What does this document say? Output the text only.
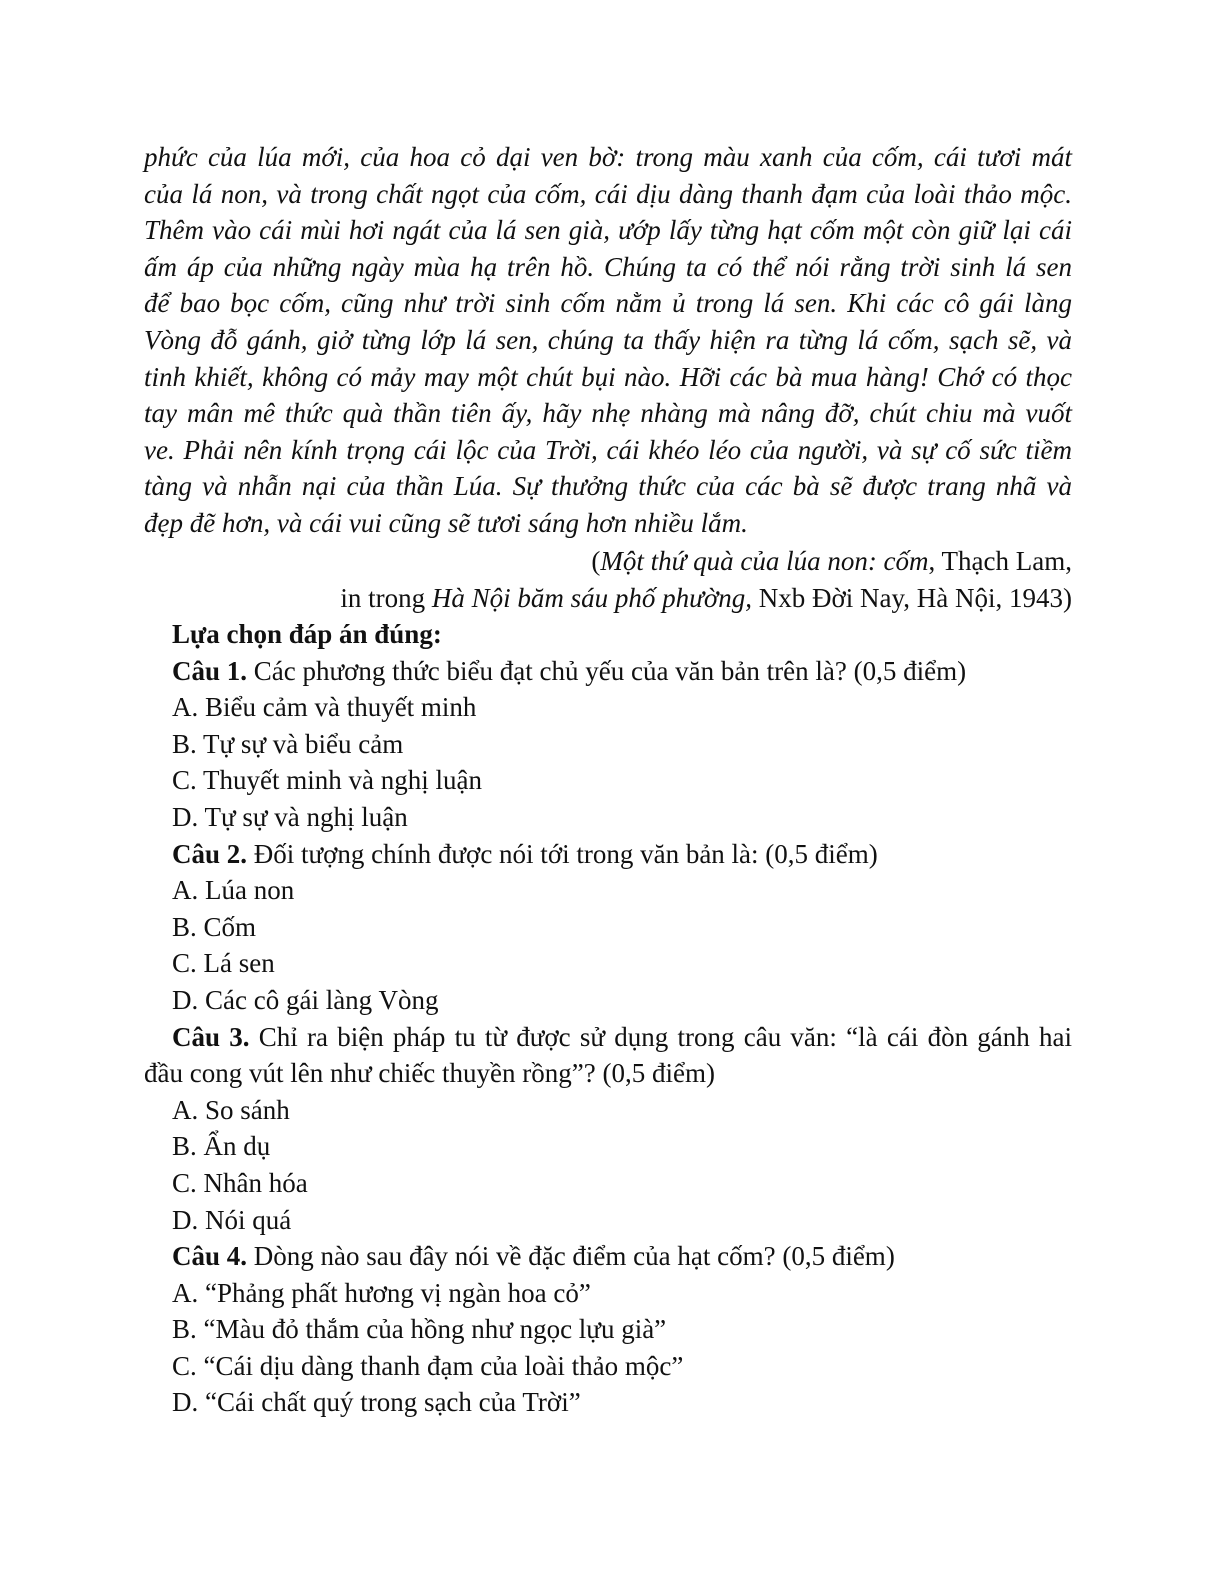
phức của lúa mới, của hoa cỏ dại ven bờ: trong màu xanh của cốm, cái tươi mát
của lá non, và trong chất ngọt của cốm, cái dịu dàng thanh đạm của loài thảo mộc.
Thêm vào cái mùi hơi ngát của lá sen già, ướp lấy từng hạt cốm một còn giữ lại cái
ấm áp của những ngày mùa hạ trên hồ. Chúng ta có thể nói rằng trời sinh lá sen
để bao bọc cốm, cũng như trời sinh cốm nằm ủ trong lá sen. Khi các cô gái làng
Vòng đỗ gánh, giở từng lớp lá sen, chúng ta thấy hiện ra từng lá cốm, sạch sẽ, và
tinh khiết, không có mảy may một chút bụi nào. Hỡi các bà mua hàng! Chớ có thọc
tay mân mê thức quà thần tiên ấy, hãy nhẹ nhàng mà nâng đỡ, chút chiu mà vuốt
ve. Phải nên kính trọng cái lộc của Trời, cái khéo léo của người, và sự cố sức tiềm
tàng và nhẫn nại của thần Lúa. Sự thưởng thức của các bà sẽ được trang nhã và
đẹp đẽ hơn, và cái vui cũng sẽ tươi sáng hơn nhiều lắm.
(Một thứ quà của lúa non: cốm, Thạch Lam,
in trong Hà Nội băm sáu phố phường, Nxb Đời Nay, Hà Nội, 1943)
Lựa chọn đáp án đúng:
Câu 1. Các phương thức biểu đạt chủ yếu của văn bản trên là? (0,5 điểm)
A. Biểu cảm và thuyết minh
B. Tự sự và biểu cảm
C. Thuyết minh và nghị luận
D. Tự sự và nghị luận
Câu 2. Đối tượng chính được nói tới trong văn bản là: (0,5 điểm)
A. Lúa non
B. Cốm
C. Lá sen
D. Các cô gái làng Vòng
Câu 3. Chỉ ra biện pháp tu từ được sử dụng trong câu văn: “là cái đòn gánh hai
đầu cong vút lên như chiếc thuyền rồng”? (0,5 điểm)
A. So sánh
B. Ẩn dụ
C. Nhân hóa
D. Nói quá
Câu 4. Dòng nào sau đây nói về đặc điểm của hạt cốm? (0,5 điểm)
A. “Phảng phất hương vị ngàn hoa cỏ”
B. “Màu đỏ thắm của hồng như ngọc lựu già”
C. “Cái dịu dàng thanh đạm của loài thảo mộc”
D. “Cái chất quý trong sạch của Trời”
